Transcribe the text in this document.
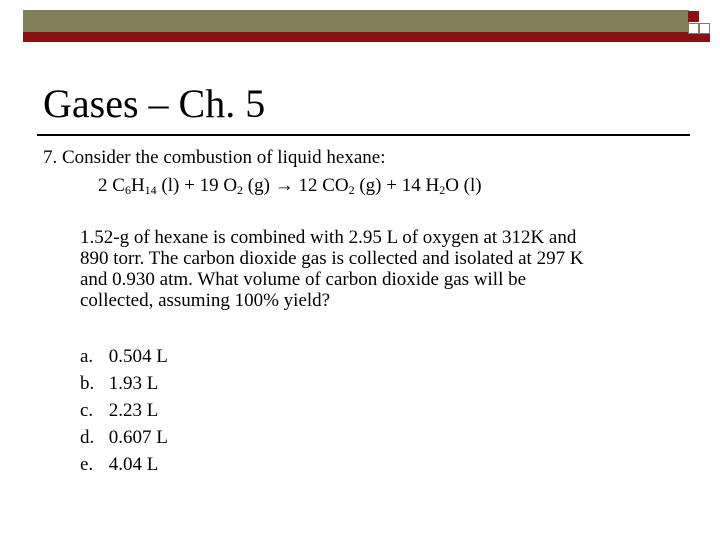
Gases – Ch. 5
7. Consider the combustion of liquid hexane:
2 $C_6H_{14}$ (l) + 19 $O_2$ (g) → 12 $CO_2$ (g) + 14 $H_2O$ (l)
1.52-g of hexane is combined with 2.95 L of oxygen at 312K and
890 torr. The carbon dioxide gas is collected and isolated at 297 K
and 0.930 atm. What volume of carbon dioxide gas will be
collected, assuming 100% yield?
a. 0.504 L
b. 1.93 L
c. 2.23 L
d. 0.607 L
e. 4.04 L
